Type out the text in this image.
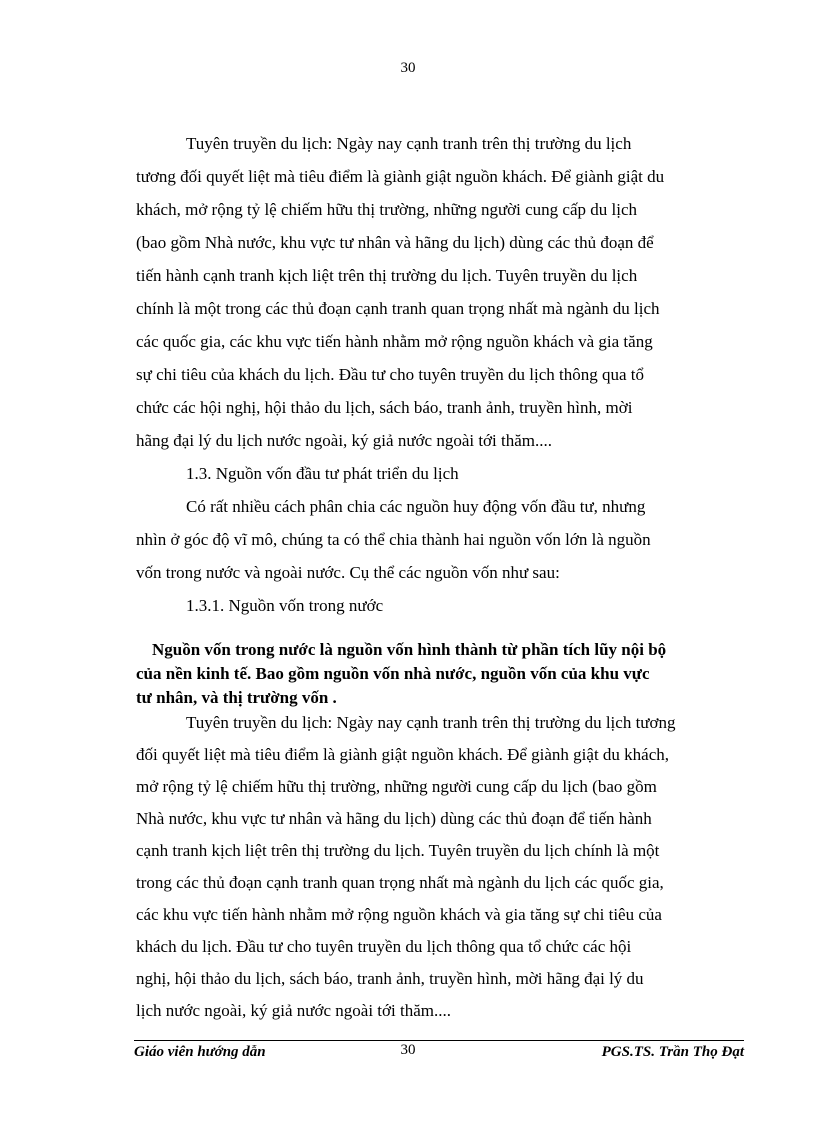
30
Tuyên truyền du lịch: Ngày nay cạnh tranh trên thị trường du lịch
tương đối quyết liệt mà tiêu điểm là giành giật nguồn khách. Để giành giật du
khách, mở rộng tỷ lệ chiếm hữu thị trường, những người cung cấp du lịch
(bao gồm Nhà nước, khu vực tư nhân và hãng du lịch) dùng các thủ đoạn để
tiến hành cạnh tranh kịch liệt trên thị trường du lịch. Tuyên truyền du lịch
chính là một trong các thủ đoạn cạnh tranh quan trọng nhất mà ngành du lịch
các quốc gia, các khu vực tiến hành nhằm mở rộng nguồn khách và gia tăng
sự chi tiêu của khách du lịch. Đầu tư cho tuyên truyền du lịch thông qua tổ
chức các hội nghị, hội thảo du lịch, sách báo, tranh ảnh, truyền hình, mời
hãng đại lý du lịch nước ngoài, ký giả nước ngoài tới thăm....
1.3. Nguồn vốn đầu tư phát triển du lịch
Có rất nhiều cách phân chia các nguồn huy động vốn đầu tư, nhưng
nhìn ở góc độ vĩ mô, chúng ta có thể chia thành hai nguồn vốn lớn là nguồn
vốn trong nước và ngoài nước. Cụ thể các nguồn vốn như sau:
1.3.1. Nguồn vốn trong nước
Nguồn vốn trong nước là nguồn vốn hình thành từ phần tích lũy nội bộ
của nền kinh tế. Bao gồm nguồn vốn nhà nước, nguồn vốn của khu vực
tư nhân, và thị trường vốn .
Tuyên truyền du lịch: Ngày nay cạnh tranh trên thị trường du lịch tương
đối quyết liệt mà tiêu điểm là giành giật nguồn khách. Để giành giật du khách,
mở rộng tỷ lệ chiếm hữu thị trường, những người cung cấp du lịch (bao gồm
Nhà nước, khu vực tư nhân và hãng du lịch) dùng các thủ đoạn để tiến hành
cạnh tranh kịch liệt trên thị trường du lịch. Tuyên truyền du lịch chính là một
trong các thủ đoạn cạnh tranh quan trọng nhất mà ngành du lịch các quốc gia,
các khu vực tiến hành nhằm mở rộng nguồn khách và gia tăng sự chi tiêu của
khách du lịch. Đầu tư cho tuyên truyền du lịch thông qua tổ chức các hội
nghị, hội thảo du lịch, sách báo, tranh ảnh, truyền hình, mời hãng đại lý du
lịch nước ngoài, ký giả nước ngoài tới thăm....
Giáo viên hướng dẫn	30	PGS.TS. Trần Thọ Đạt
